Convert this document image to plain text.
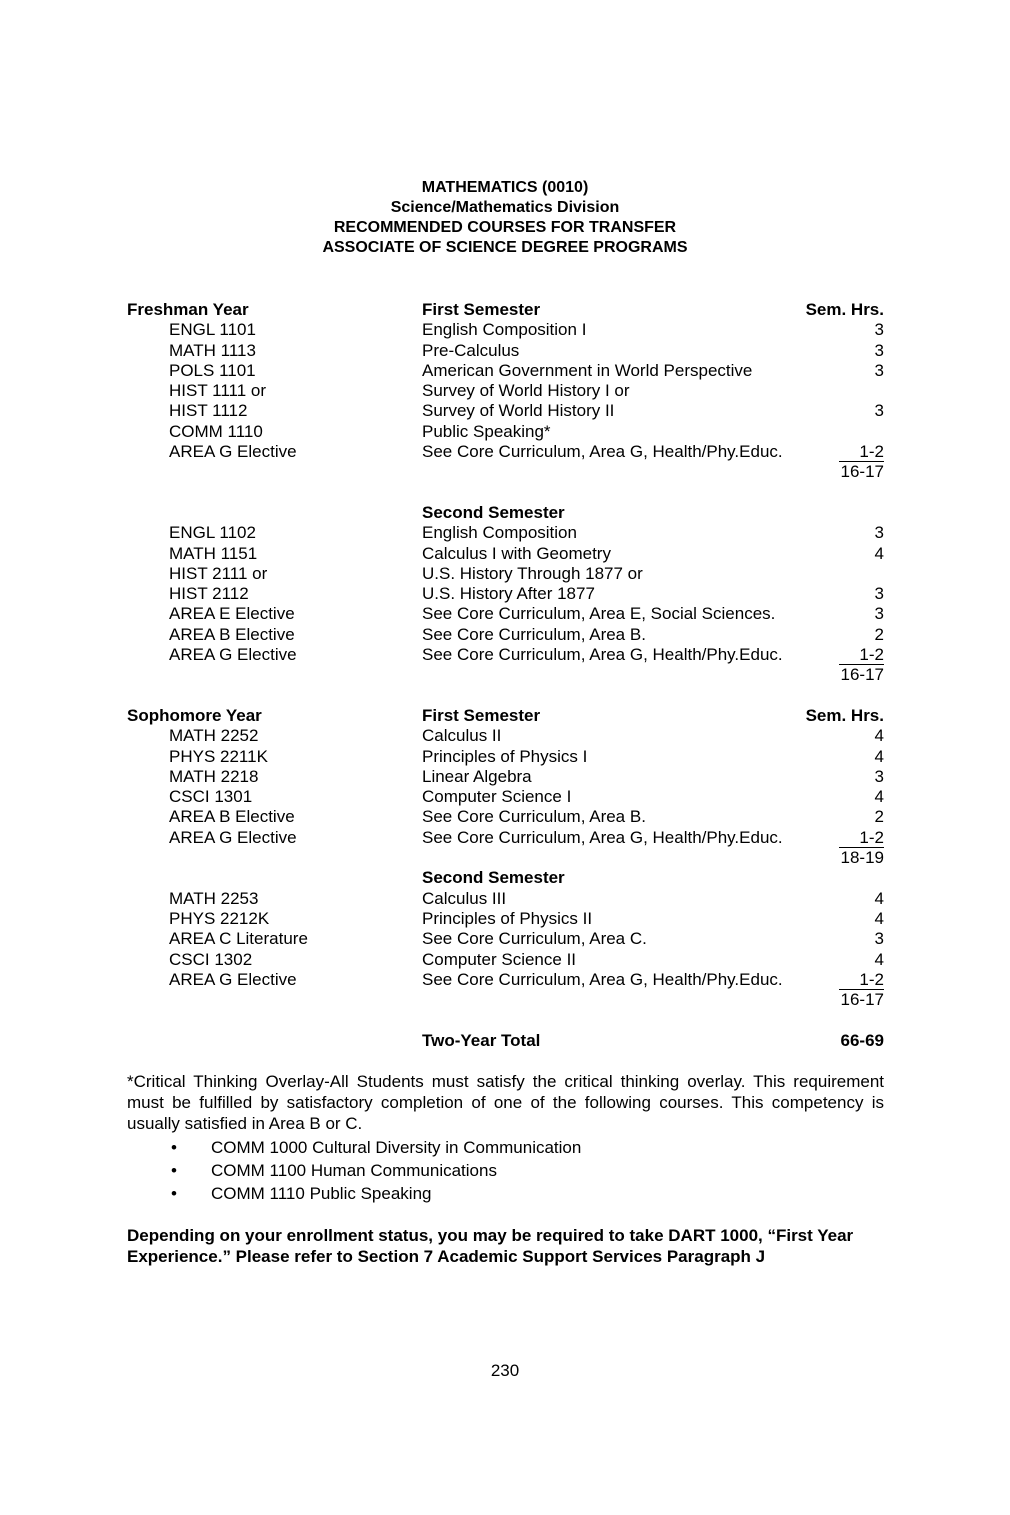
MATHEMATICS (0010)
Science/Mathematics Division
RECOMMENDED COURSES FOR TRANSFER
ASSOCIATE OF SCIENCE DEGREE PROGRAMS
Freshman Year	First Semester	Sem. Hrs.
ENGL 1101	English Composition I	3
MATH 1113	Pre-Calculus	3
POLS 1101	American Government in World Perspective	3
HIST 1111 or	Survey of World History I or
HIST 1112	Survey of World History II	3
COMM 1110	Public Speaking*
AREA G Elective	See Core Curriculum, Area G, Health/Phy.Educ.	1-2
16-17
Second Semester
ENGL 1102	English Composition	3
MATH 1151	Calculus I with Geometry	4
HIST 2111 or	U.S. History Through 1877 or
HIST 2112	U.S. History After 1877	3
AREA E Elective	See Core Curriculum, Area E, Social Sciences.	3
AREA B Elective	See Core Curriculum, Area B.	2
AREA G Elective	See Core Curriculum, Area G, Health/Phy.Educ.	1-2
16-17
Sophomore Year	First Semester	Sem. Hrs.
MATH 2252	Calculus II	4
PHYS 2211K	Principles of Physics I	4
MATH 2218	Linear Algebra	3
CSCI 1301	Computer Science I	4
AREA B Elective	See Core Curriculum, Area B.	2
AREA G Elective	See Core Curriculum, Area G, Health/Phy.Educ.	1-2
18-19
Second Semester
MATH 2253	Calculus III	4
PHYS 2212K	Principles of Physics II	4
AREA C Literature	See Core Curriculum, Area C.	3
CSCI 1302	Computer Science II	4
AREA G Elective	See Core Curriculum, Area G, Health/Phy.Educ.	1-2
16-17
Two-Year Total	66-69
*Critical Thinking Overlay-All Students must satisfy the critical thinking overlay. This requirement must be fulfilled by satisfactory completion of one of the following courses. This competency is usually satisfied in Area B or C.
• COMM 1000 Cultural Diversity in Communication
• COMM 1100 Human Communications
• COMM 1110 Public Speaking
Depending on your enrollment status, you may be required to take DART 1000, “First Year Experience.” Please refer to Section 7 Academic Support Services Paragraph J
230
